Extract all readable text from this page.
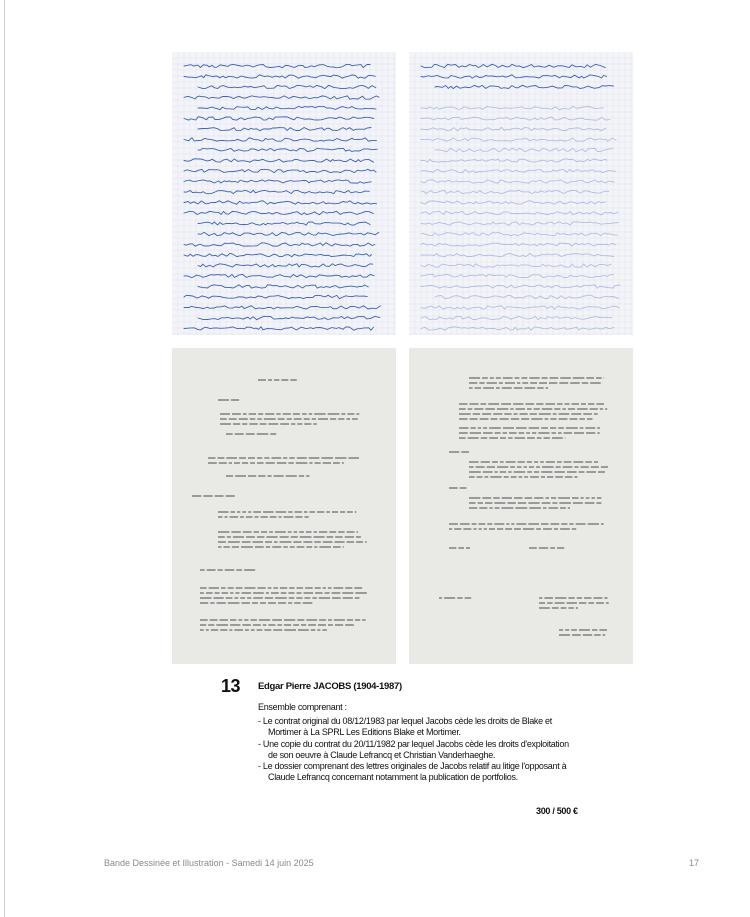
13 Edgar Pierre JACOBS (1904-1987)
Ensemble comprenant :
- Le contrat original du 08/12/1983 par lequel Jacobs cède les droits de Blake et Mortimer à La SPRL Les Editions Blake et Mortimer.
- Une copie du contrat du 20/11/1982 par lequel Jacobs cède les droits d'exploitation de son oeuvre à Claude Lefrancq et Christian Vanderhaeghe.
- Le dossier comprenant des lettres originales de Jacobs relatif au litige l'opposant à Claude Lefrancq concernant notamment la publication de portfolios.
300 / 500 €
Bande Dessinée et Illustration - Samedi 14 juin 2025	17
